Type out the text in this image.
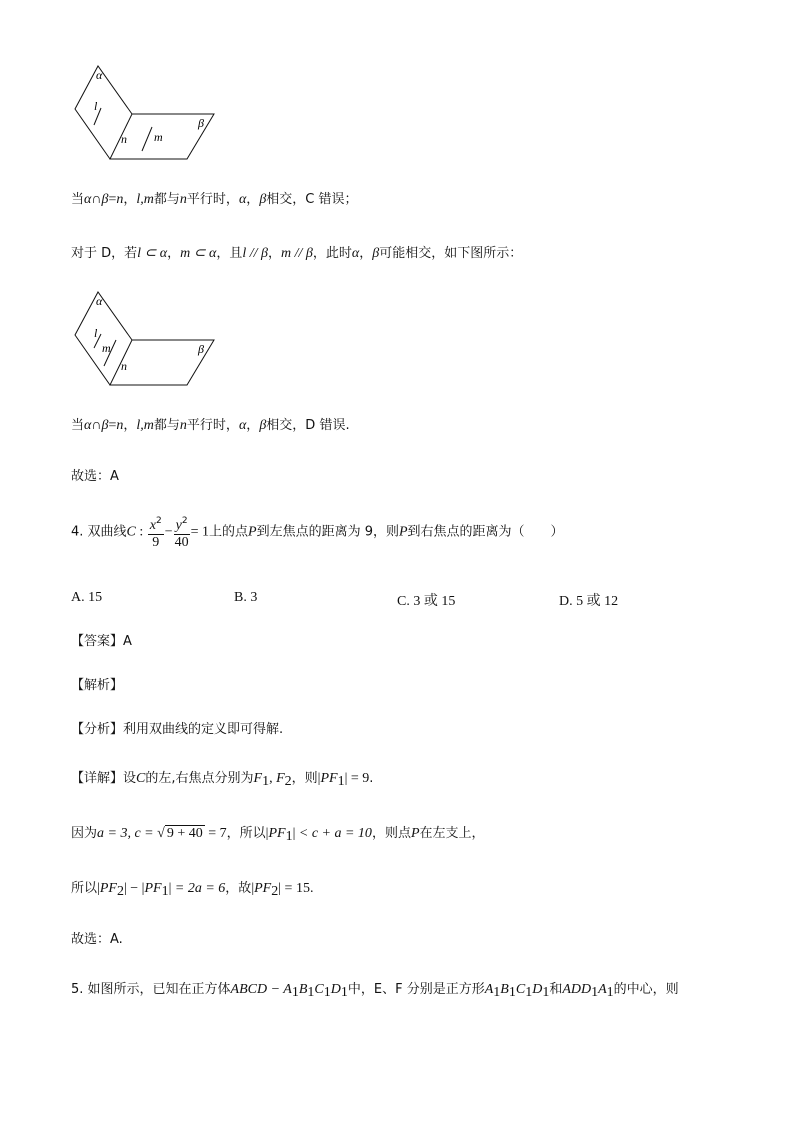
α
l
n m
β
当α∩β=n，l,m都与n平行时，α，β相交，C 错误；
对于 D，若l ⊂ α，m ⊂ α，且l // β，m // β，此时α，β可能相交，如下图所示：
α
l
m
n
β
当α∩β=n，l,m都与n平行时，α，β相交，D 错误.
故选：A
4. 双曲线C : $\frac{x^2}{9} - \frac{y^2}{40} = 1$上的点P到左焦点的距离为 9，则P到右焦点的距离为（　　）
A. 15	B. 3	C. 3 或 15	D. 5 或 12
【答案】A
【解析】
【分析】利用双曲线的定义即可得解.
【详解】设C的左,右焦点分别为$F_1$, $F_2$，则$|PF_1| = 9$.
因为a = 3, c = √ 9 + 40 = 7，所以$|PF_1| < c + a = 10$，则点P在左支上，
所以$|PF_2| - |PF_1| = 2a = 6$，故$|PF_2| = 15$.
故选：A.
5. 如图所示，已知在正方体ABCD − $A_1B_1C_1D_1$中，E、F 分别是正方形$A_1B_1C_1D_1$和$ADD_1A_1$的中心，则
